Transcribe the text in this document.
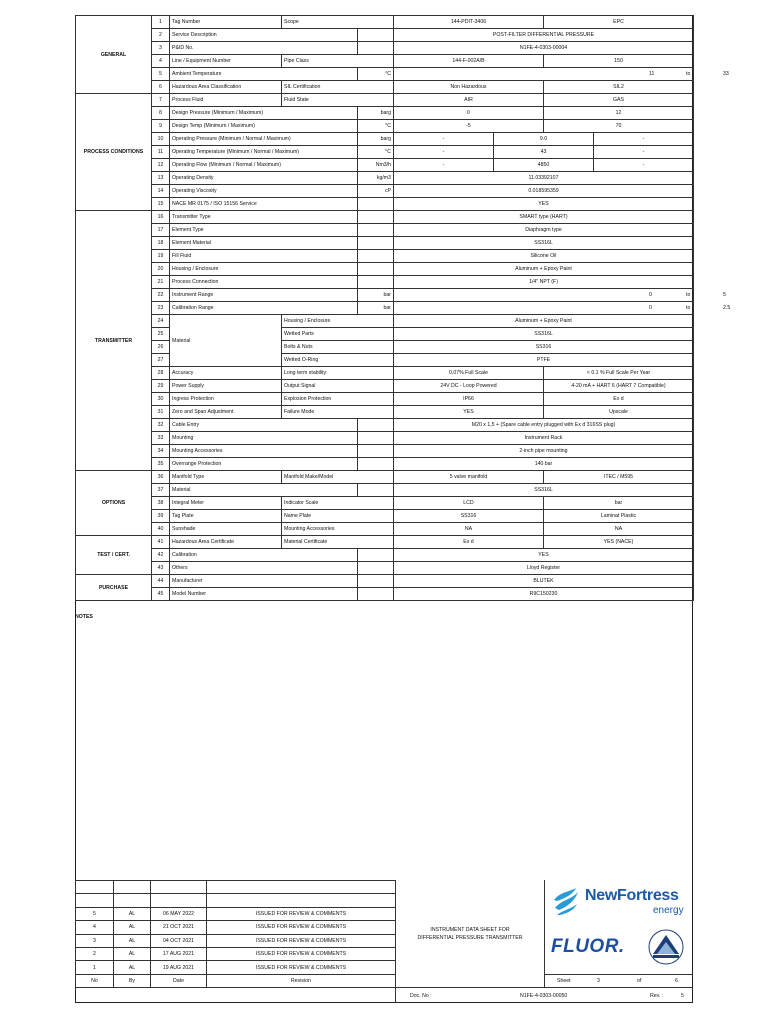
GENERAL	1	Tag Number	Scope		144-PDIT-3406	EPC
	2	Service Description			POST-FILTER DIFFERENTIAL PRESSURE	
	3	P&ID No.			N1FE-4-0303-00004	
	4	Line / Equipment Number	Pipe Class		144-F-002A/B	150
	5	Ambient Temperature		°C	11 to 33	

	6	Hazardous Area Classification	SIL Certification		Non Hazardous	SIL2
PROCESS CONDITIONS	7	Process Fluid	Fluid State		AIR	GAS
	8	Design Pressure (Minimum / Maximum)		barg	0	12
	9	Design Temp (Minimum / Maximum)		°C	-5	70
	10	Operating Pressure (Minimum / Normal / Maximum)		barg	- 9.0 -	

	11	Operating Temperature (Minimum / Normal / Maximum)		°C	- 43 -	

	12	Operating Flow (Minimum / Normal / Maximum)		Nm3/h	- 4850 -	

	13	Operating Density		kg/m3	11.03392107	
	14	Operating Viscosity		cP	0.018595359	
	15	NACE MR 0175 / ISO 15156 Service			YES	
TRANSMITTER	16	Transmitter Type			SMART type (HART)	
	17	Element Type			Diaphragm type	
	18	Element Material			SS316L	
	19	Fill Fluid			Silicone Oil	
	20	Housing / Enclosure			Aluminum + Epoxy Paint	
	21	Process Connection			1/4" NPT (F)	
	22	Instrument Range		bar	0 to 5	

	23	Calibration Range		bar	0 to 2.5	

	24	Material	Housing / Enclosure		Aluminum + Epoxy Paint	
	25		Wetted Parts		SS316L	
	26		Bolts & Nuts		SS316	
	27		Wetted O-Ring		PTFE	
	28	Accuracy	Long term stability:		0,07% Full Scale	< 0.1 % Full Scale Per Year
	29	Power Supply	Output Signal		24V DC - Loop Powered	4-20 mA + HART 6 (HART 7 Compatible)
	30	Ingress Protection	Explosion Protection		IP66	Ex d
	31	Zero and Span Adjustment	Failure Mode		YES	Upscale
	32	Cable Entry			M20 x 1,5 + (Spare cable entry plugged with Ex d 316SS plug)	
	33	Mounting			Instrument Rack	
	34	Mounting Accessories			2-inch pipe mounting	
	35	Overrange Protection			140 bar	
OPTIONS	36	Manifold Type	Manifold Make/Model		5 valve manifold	ITEC / M595
	37	Material			SS316L	
	38	Integral Meter	Indicator Scale		LCD	bar
	39	Tag Plate	Name Plate		SS316	Laminat Plastic
	40	Sunshade	Mounting Accessories		NA	NA
TEST / CERT.	41	Hazardous Area Certificate	Material Certificate		Ex d	YES (NACE)
	42	Calibration			YES	
	43	Others			Lloyd Register	
PURCHASE	44	Manufacturer			BLUTEK	
	45	Model Number			R9C150230	
NOTES

5	AL	06 MAY 2022	ISSUED FOR REVIEW & COMMENTS
4	AL	21 OCT 2021	ISSUED FOR REVIEW & COMMENTS
3	AL	04 OCT 2021	ISSUED FOR REVIEW & COMMENTS
2	AL	17 AUG 2021	ISSUED FOR REVIEW & COMMENTS
1	AL	19 AUG 2021	ISSUED FOR REVIEW & COMMENTS
No	By	Date	Revision
INSTRUMENT DATA SHEET FOR
DIFFERENTIAL PRESSURE TRANSMITTER
NewFortress
energy
FLUOR.
Sheet	3	of	6
Doc. No :	N1FE-4-0303-00050	Rev. :	5
